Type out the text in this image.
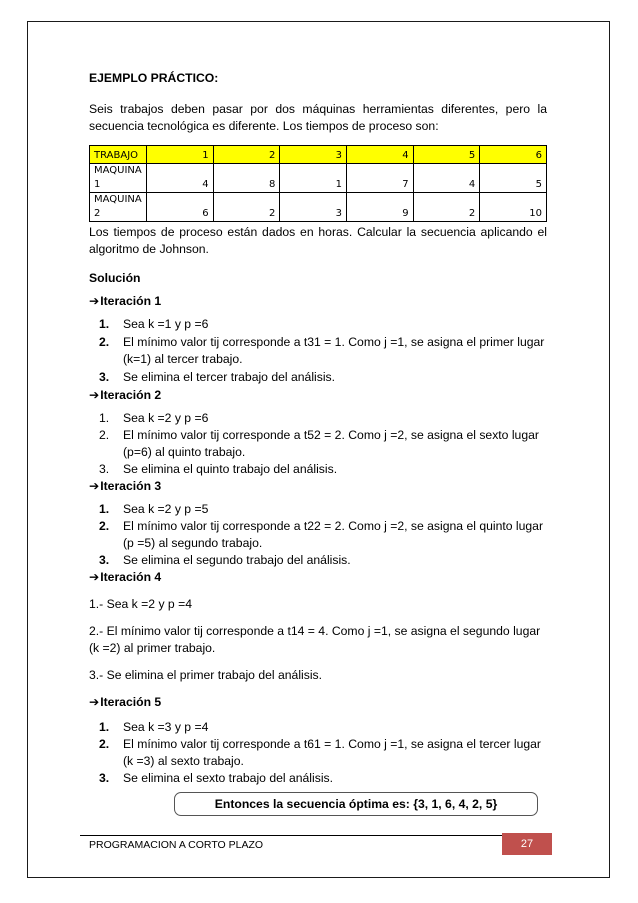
EJEMPLO PRÁCTICO:

Seis trabajos deben pasar por dos máquinas herramientas diferentes, pero la secuencia tecnológica es diferente. Los tiempos de proceso son:

TRABAJO	1	2	3	4	5	6
MAQUINA 1	4	8	1	7	4	5
MAQUINA 2	6	2	3	9	2	10

Los tiempos de proceso están dados en horas. Calcular la secuencia aplicando el algoritmo de Johnson.

Solución

➔Iteración 1

1. Sea k =1 y p =6
2. El mínimo valor tij corresponde a t31 = 1. Como j =1, se asigna el primer lugar (k=1) al tercer trabajo.
3. Se elimina el tercer trabajo del análisis.

➔Iteración 2

1. Sea k =2 y p =6
2. El mínimo valor tij corresponde a t52 = 2. Como j =2, se asigna el sexto lugar (p=6) al quinto trabajo.
3. Se elimina el quinto trabajo del análisis.

➔Iteración 3

1. Sea k =2 y p =5
2. El mínimo valor tij corresponde a t22 = 2. Como j =2, se asigna el quinto lugar (p =5) al segundo trabajo.
3. Se elimina el segundo trabajo del análisis.

➔Iteración 4

1.- Sea k =2 y p =4

2.- El mínimo valor tij corresponde a t14 = 4. Como j =1, se asigna el segundo lugar (k =2) al primer trabajo.

3.- Se elimina el primer trabajo del análisis.

➔Iteración 5

1. Sea k =3 y p =4
2. El mínimo valor tij corresponde a t61 = 1. Como j =1, se asigna el tercer lugar (k =3) al sexto trabajo.
3. Se elimina el sexto trabajo del análisis.
Entonces la secuencia óptima es: {3, 1, 6, 4, 2, 5}
PROGRAMACION A CORTO PLAZO	27
